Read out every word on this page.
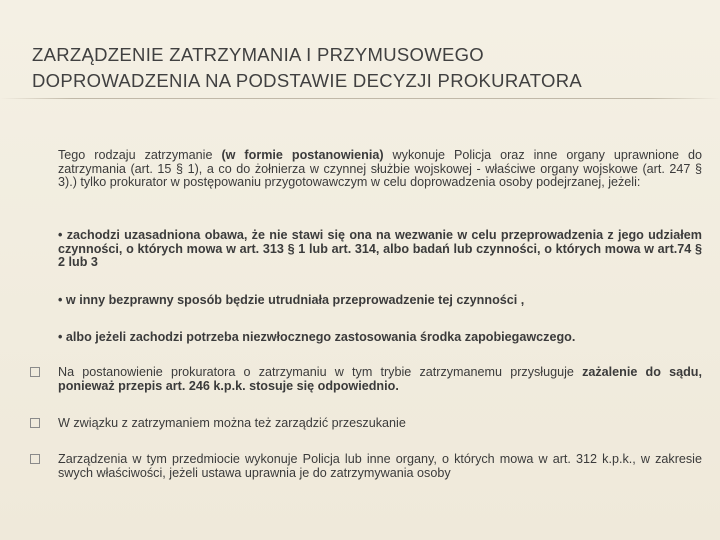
ZARZĄDZENIE ZATRZYMANIA I PRZYMUSOWEGO
DOPROWADZENIA NA PODSTAWIE DECYZJI PROKURATORA
Tego rodzaju zatrzymanie (w formie postanowienia) wykonuje Policja oraz inne organy uprawnione do zatrzymania (art. 15 § 1), a co do żołnierza w czynnej służbie wojskowej - właściwe organy wojskowe (art. 247 § 3).) tylko prokurator w postępowaniu przygotowawczym w celu doprowadzenia osoby podejrzanej, jeżeli:
• zachodzi uzasadniona obawa, że nie stawi się ona na wezwanie w celu przeprowadzenia z jego udziałem czynności, o których mowa w art. 313 § 1 lub art. 314, albo badań lub czynności, o których mowa w art.74 § 2 lub 3
• w inny bezprawny sposób będzie utrudniała przeprowadzenie tej czynności ,
• albo jeżeli zachodzi potrzeba niezwłocznego zastosowania środka zapobiegawczego.
Na postanowienie prokuratora o zatrzymaniu w tym trybie zatrzymanemu przysługuje zażalenie do sądu, ponieważ przepis art. 246 k.p.k. stosuje się odpowiednio.
W związku z zatrzymaniem można też zarządzić przeszukanie
Zarządzenia w tym przedmiocie wykonuje Policja lub inne organy, o których mowa w art. 312 k.p.k., w zakresie swych właściwości, jeżeli ustawa uprawnia je do zatrzymywania osoby
